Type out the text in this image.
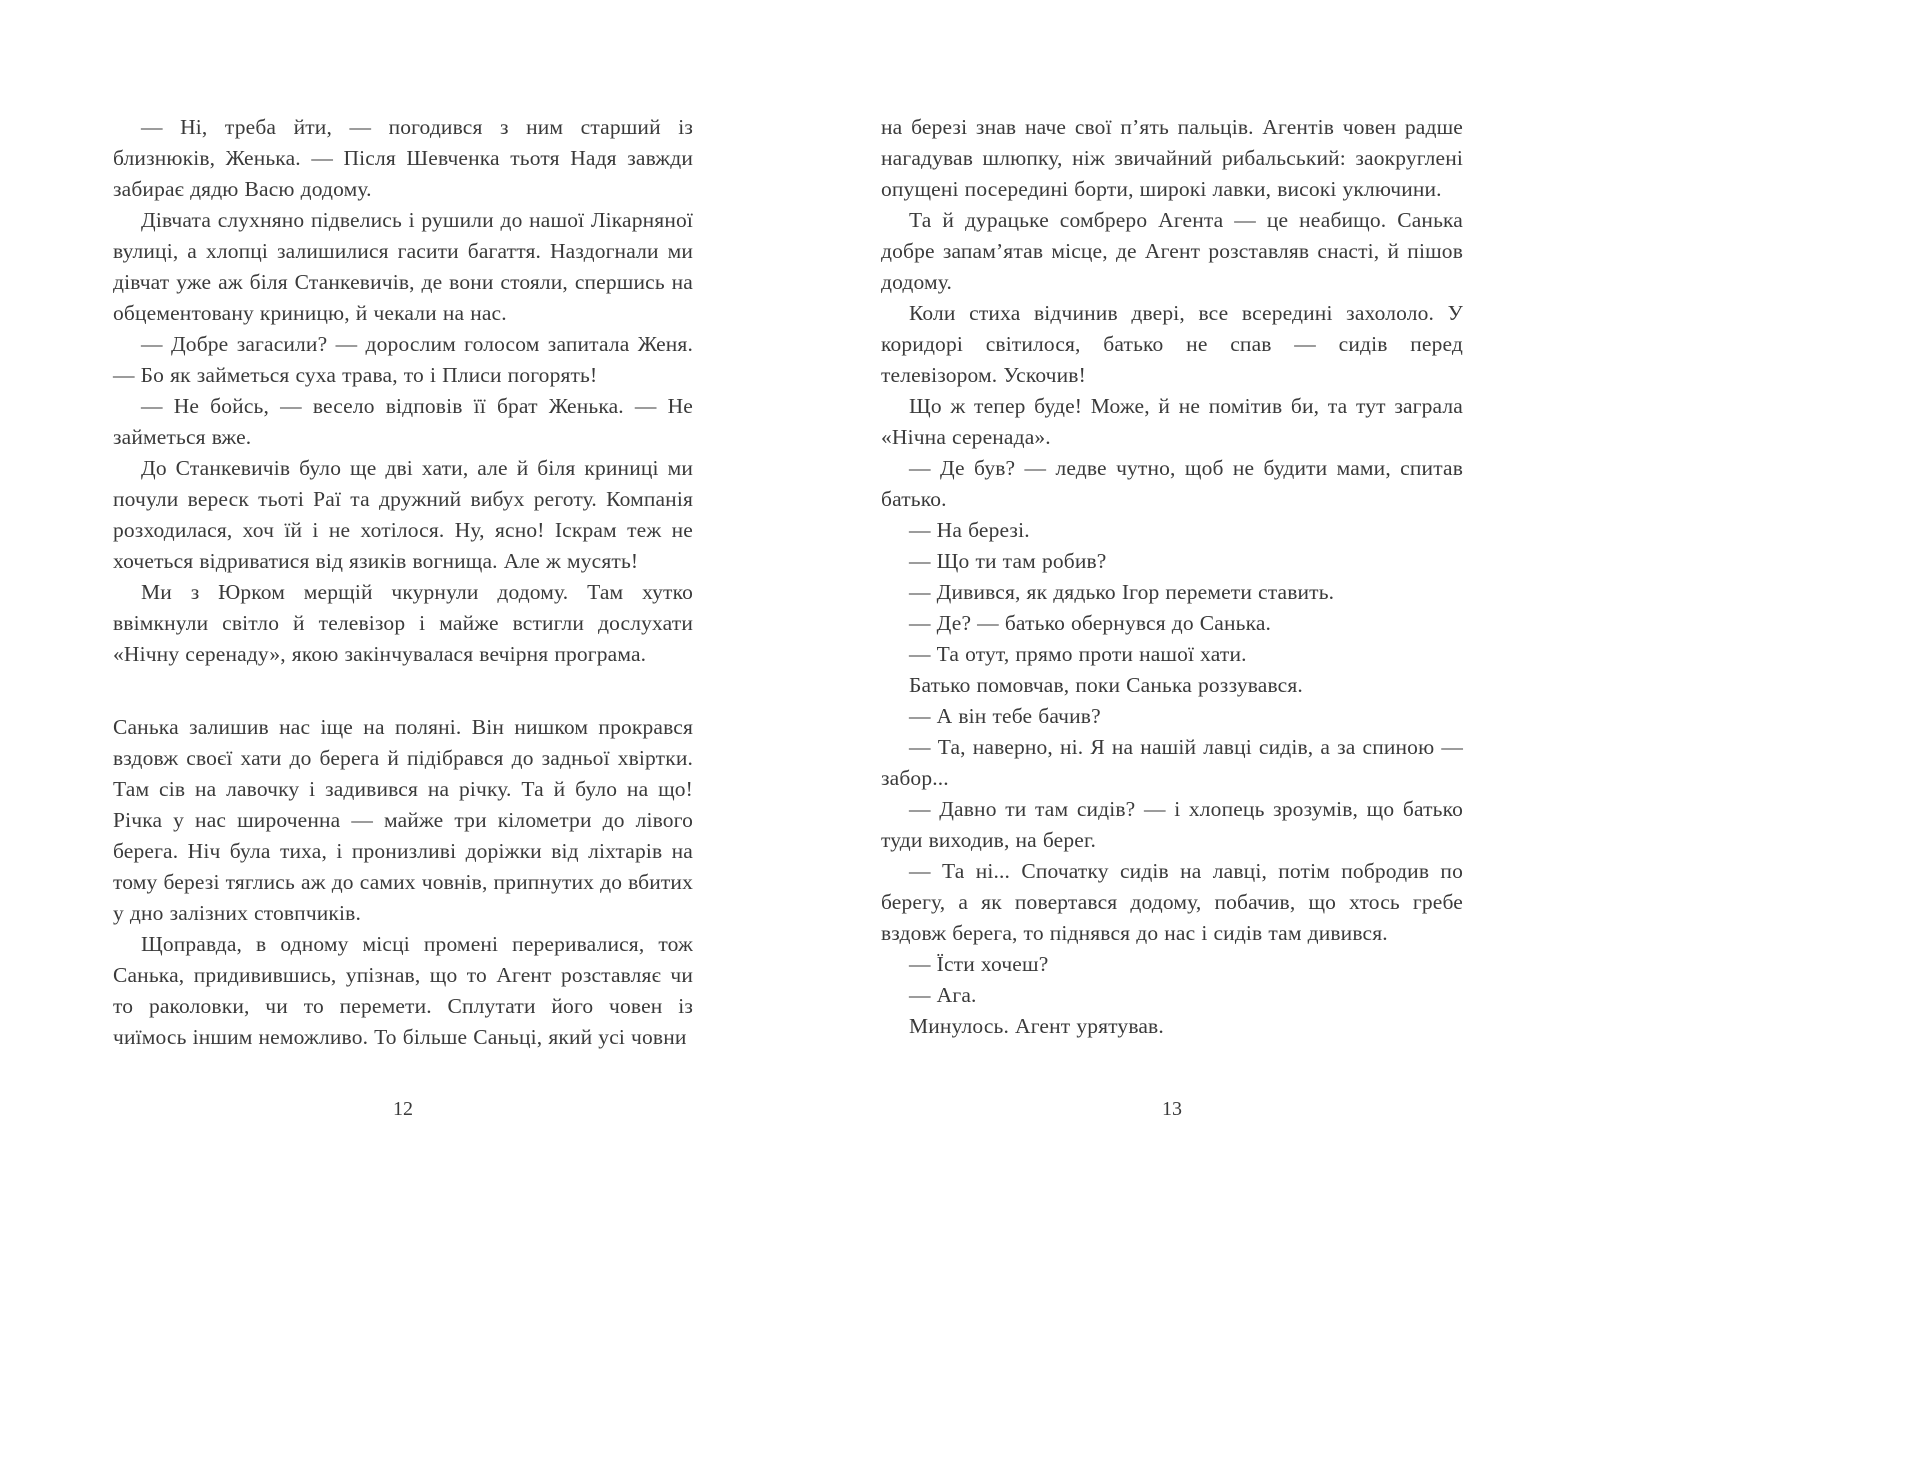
— Ні, треба йти, — погодився з ним старший із близнюків, Женька. — Після Шевченка тьотя Надя завжди забирає дядю Васю додому.

Дівчата слухняно підвелись і рушили до нашої Лікарняної вулиці, а хлопці залишилися гасити багаття. Наздогнали ми дівчат уже аж біля Станкевичів, де вони стояли, спершись на обцементовану криницю, й чекали на нас.

— Добре загасили? — дорослим голосом запитала Женя. — Бо як займеться суха трава, то і Плиси погорять!

— Не бойсь, — весело відповів її брат Женька. — Не займеться вже.

До Станкевичів було ще дві хати, але й біля криниці ми почули вереск тьоті Раї та дружний вибух реготу. Компанія розходилася, хоч їй і не хотілося. Ну, ясно! Іскрам теж не хочеться відриватися від язиків вогнища. Але ж мусять!

Ми з Юрком мерщій чкурнули додому. Там хутко ввімкнули світло й телевізор і майже встигли дослухати «Нічну серенаду», якою закінчувалася вечірня програма.

Санька залишив нас іще на поляні. Він нишком прокрався вздовж своєї хати до берега й підібрався до задньої хвіртки. Там сів на лавочку і задивився на річку. Та й було на що! Річка у нас широченна — майже три кілометри до лівого берега. Ніч була тиха, і пронизливі доріжки від ліхтарів на тому березі тяглись аж до самих човнів, припнутих до вбитих у дно залізних стовпчиків.

Щоправда, в одному місці промені переривалися, тож Санька, придивившись, упізнав, що то Агент розставляє чи то раколовки, чи то перемети. Сплутати його човен із чиїмось іншим неможливо. То більше Саньці, який усі човни

12

на березі знав наче свої п’ять пальців. Агентів човен радше нагадував шлюпку, ніж звичайний рибальський: заокруглені опущені посередині борти, широкі лавки, високі уключини.

Та й дурацьке сомбреро Агента — це неабищо. Санька добре запам’ятав місце, де Агент розставляв снасті, й пішов додому.

Коли стиха відчинив двері, все всередині захололо. У коридорі світилося, батько не спав — сидів перед телевізором. Ускочив!

Що ж тепер буде! Може, й не помітив би, та тут заграла «Нічна серенада».

— Де був? — ледве чутно, щоб не будити мами, спитав батько.

— На березі.

— Що ти там робив?

— Дивився, як дядько Ігор перемети ставить.

— Де? — батько обернувся до Санька.

— Та отут, прямо проти нашої хати.

Батько помовчав, поки Санька роззувався.

— А він тебе бачив?

— Та, наверно, ні. Я на нашій лавці сидів, а за спиною — забор...

— Давно ти там сидів? — і хлопець зрозумів, що батько туди виходив, на берег.

— Та ні... Спочатку сидів на лавці, потім побродив по берегу, а як повертався додому, побачив, що хтось гребе вздовж берега, то піднявся до нас і сидів там дивився.

— Їсти хочеш?

— Ага.

Минулось. Агент урятував.

13
